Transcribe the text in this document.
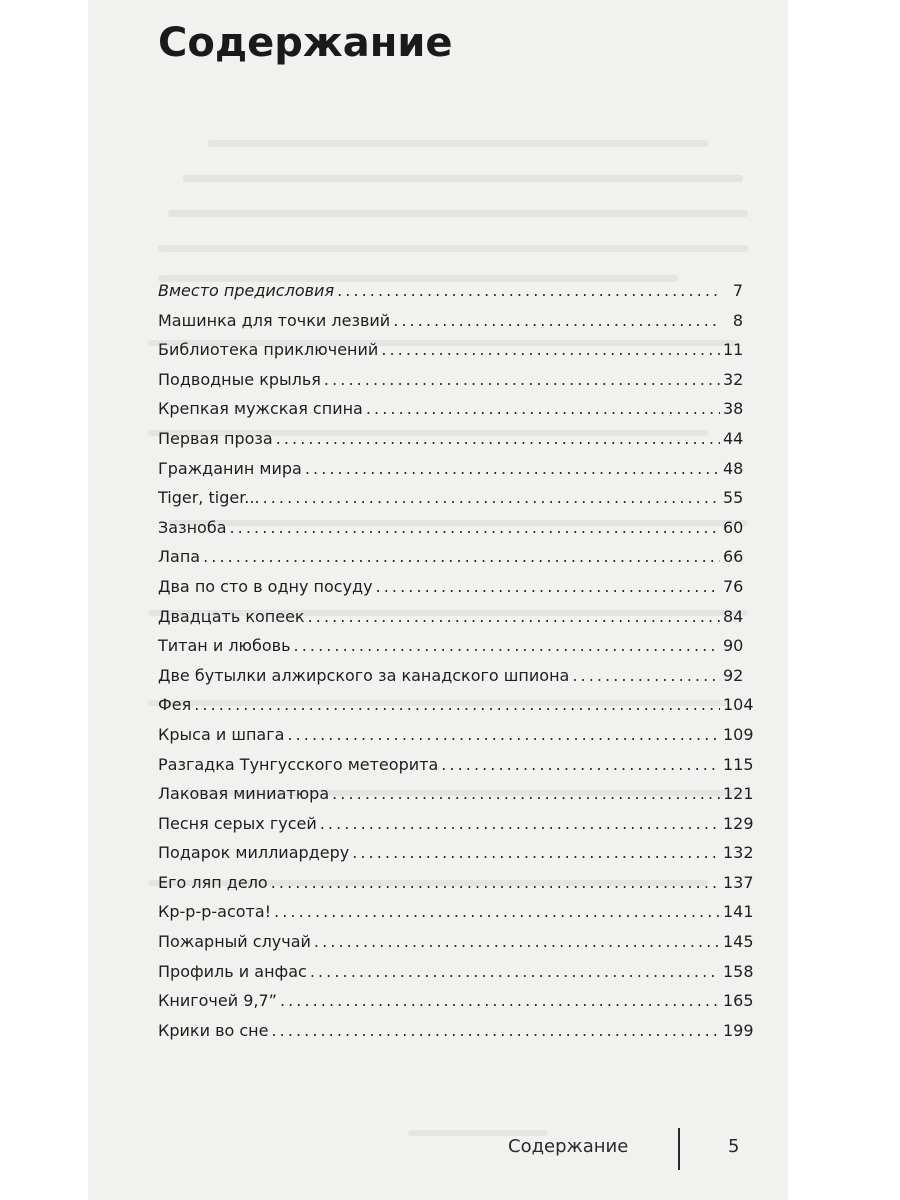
Содержание
Вместо предисловия . . .	7
Машинка для точки лезвий . . .	8
Библиотека приключений . . .	11
Подводные крылья . . .	32
Крепкая мужская спина . . .	38
Первая проза . . .	44
Гражданин мира . . .	48
Tiger, tiger... . . .	55
Зазноба . . .	60
Лапа . . .	66
Два по сто в одну посуду . . .	76
Двадцать копеек . . .	84
Титан и любовь . . .	90
Две бутылки алжирского за канадского шпиона . . .	92
Фея . . .	104
Крыса и шпага . . .	109
Разгадка Тунгусского метеорита . . .	115
Лаковая миниатюра . . .	121
Песня серых гусей . . .	129
Подарок миллиардеру . . .	132
Его ляп дело . . .	137
Кр-р-р-асота! . . .	141
Пожарный случай . . .	145
Профиль и анфас . . .	158
Книгочей 9,7” . . .	165
Крики во сне . . .	199
Содержание	5
